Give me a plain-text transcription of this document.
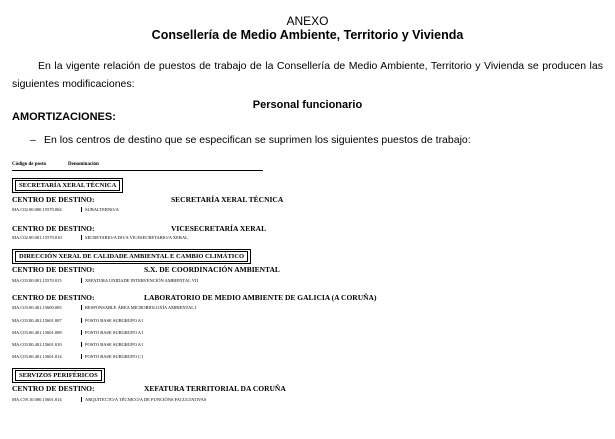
ANEXO
Consellería de Medio Ambiente, Territorio y Vivienda
En la vigente relación de puestos de trabajo de la Consellería de Medio Ambiente, Territorio y Vivienda se producen las
siguientes modificaciones:
Personal funcionario
AMORTIZACIONES:
– En los centros de destino que se especifican se suprimen los siguientes puestos de trabajo:
Código de posto	Denominación
SECRETARÍA XERAL TÉCNICA
CENTRO DE DESTINO:	SECRETARÍA XERAL TÉCNICA
MA.C02.00.000.15570.004	SUBALTERNO/A
CENTRO DE DESTINO:	VICESECRETARÍA XERAL
MA.C02.00.001.15570.010	SECRETARIO/A DO/A VICESECRETARIO/A XERAL
DIRECCIÓN XERAL DE CALIDADE AMBIENTAL E CAMBIO CLIMÁTICO
CENTRO DE DESTINO:	S.X. DE COORDINACIÓN AMBIENTAL
MA.C03.00.001.15570.015	XEFATURA UNIDADE INTERVENCIÓN AMBIENTAL VII
CENTRO DE DESTINO:	LABORATORIO DE MEDIO AMBIENTE DE GALICIA (A CORUÑA)
MA.C03.00.401.15600.005	RESPONSABLE ÁREA MICROBIOLOXÍA AMBIENTAL I
MA.C03.00.401.15601.007	POSTO BASE SUBGRUPO A1
MA.C03.00.401.15601.008	POSTO BASE SUBGRUPO A1
MA.C03.00.401.15601.010	POSTO BASE SUBGRUPO A1
MA.C03.00.401.15601.014	POSTO BASE SUBGRUPO C1
SERVIZOS PERIFÉRICOS
CENTRO DE DESTINO:	XEFATURA TERRITORIAL DA CORUÑA
MA.C59.10.000.15601.014	ARQUITECTO/A TÉCNICO/A DE FUNCIÓNS FACULTATIVAS
